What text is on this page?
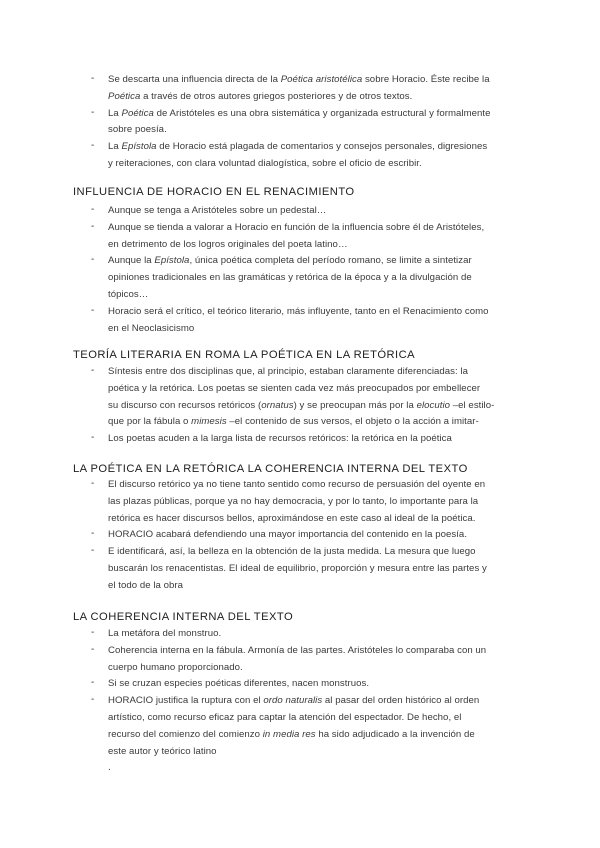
- Se descarta una influencia directa de la Poética aristotélica sobre Horacio. Éste recibe la

Poética a través de otros autores griegos posteriores y de otros textos.

- La Poética de Aristóteles es una obra sistemática y organizada estructural y formalmente

sobre poesía.

- La Epístola de Horacio está plagada de comentarios y consejos personales, digresiones

y reiteraciones, con clara voluntad dialogística, sobre el oficio de escribir.

INFLUENCIA DE HORACIO EN EL RENACIMIENTO
- Aunque se tenga a Aristóteles sobre un pedestal…

- Aunque se tienda a valorar a Horacio en función de la influencia sobre él de Aristóteles,

en detrimento de los logros originales del poeta latino…

- Aunque la Epístola, única poética completa del período romano, se limite a sintetizar

opiniones tradicionales en las gramáticas y retórica de la época y a la divulgación de

tópicos…

- Horacio será el crítico, el teórico literario, más influyente, tanto en el Renacimiento como

en el Neoclasicismo

TEORÍA LITERARIA EN ROMA LA POÉTICA EN LA RETÓRICA
- Síntesis entre dos disciplinas que, al principio, estaban claramente diferenciadas: la

poética y la retórica. Los poetas se sienten cada vez más preocupados por embellecer

su discurso con recursos retóricos (ornatus) y se preocupan más por la elocutio –el estilo-

que por la fábula o mimesis –el contenido de sus versos, el objeto o la acción a imitar-

- Los poetas acuden a la larga lista de recursos retóricos: la retórica en la poética

LA POÉTICA EN LA RETÓRICA LA COHERENCIA INTERNA DEL TEXTO
- El discurso retórico ya no tiene tanto sentido como recurso de persuasión del oyente en

las plazas públicas, porque ya no hay democracia, y por lo tanto, lo importante para la

retórica es hacer discursos bellos, aproximándose en este caso al ideal de la poética.

- HORACIO acabará defendiendo una mayor importancia del contenido en la poesía.

- E identificará, así, la belleza en la obtención de la justa medida. La mesura que luego

buscarán los renacentistas. El ideal de equilibrio, proporción y mesura entre las partes y

el todo de la obra

LA COHERENCIA INTERNA DEL TEXTO
- La metáfora del monstruo.

- Coherencia interna en la fábula. Armonía de las partes. Aristóteles lo comparaba con un

cuerpo humano proporcionado.

- Si se cruzan especies poéticas diferentes, nacen monstruos.

- HORACIO justifica la ruptura con el ordo naturalis al pasar del orden histórico al orden

artístico, como recurso eficaz para captar la atención del espectador. De hecho, el

recurso del comienzo del comienzo in media res ha sido adjudicado a la invención de

este autor y teórico latino

.
